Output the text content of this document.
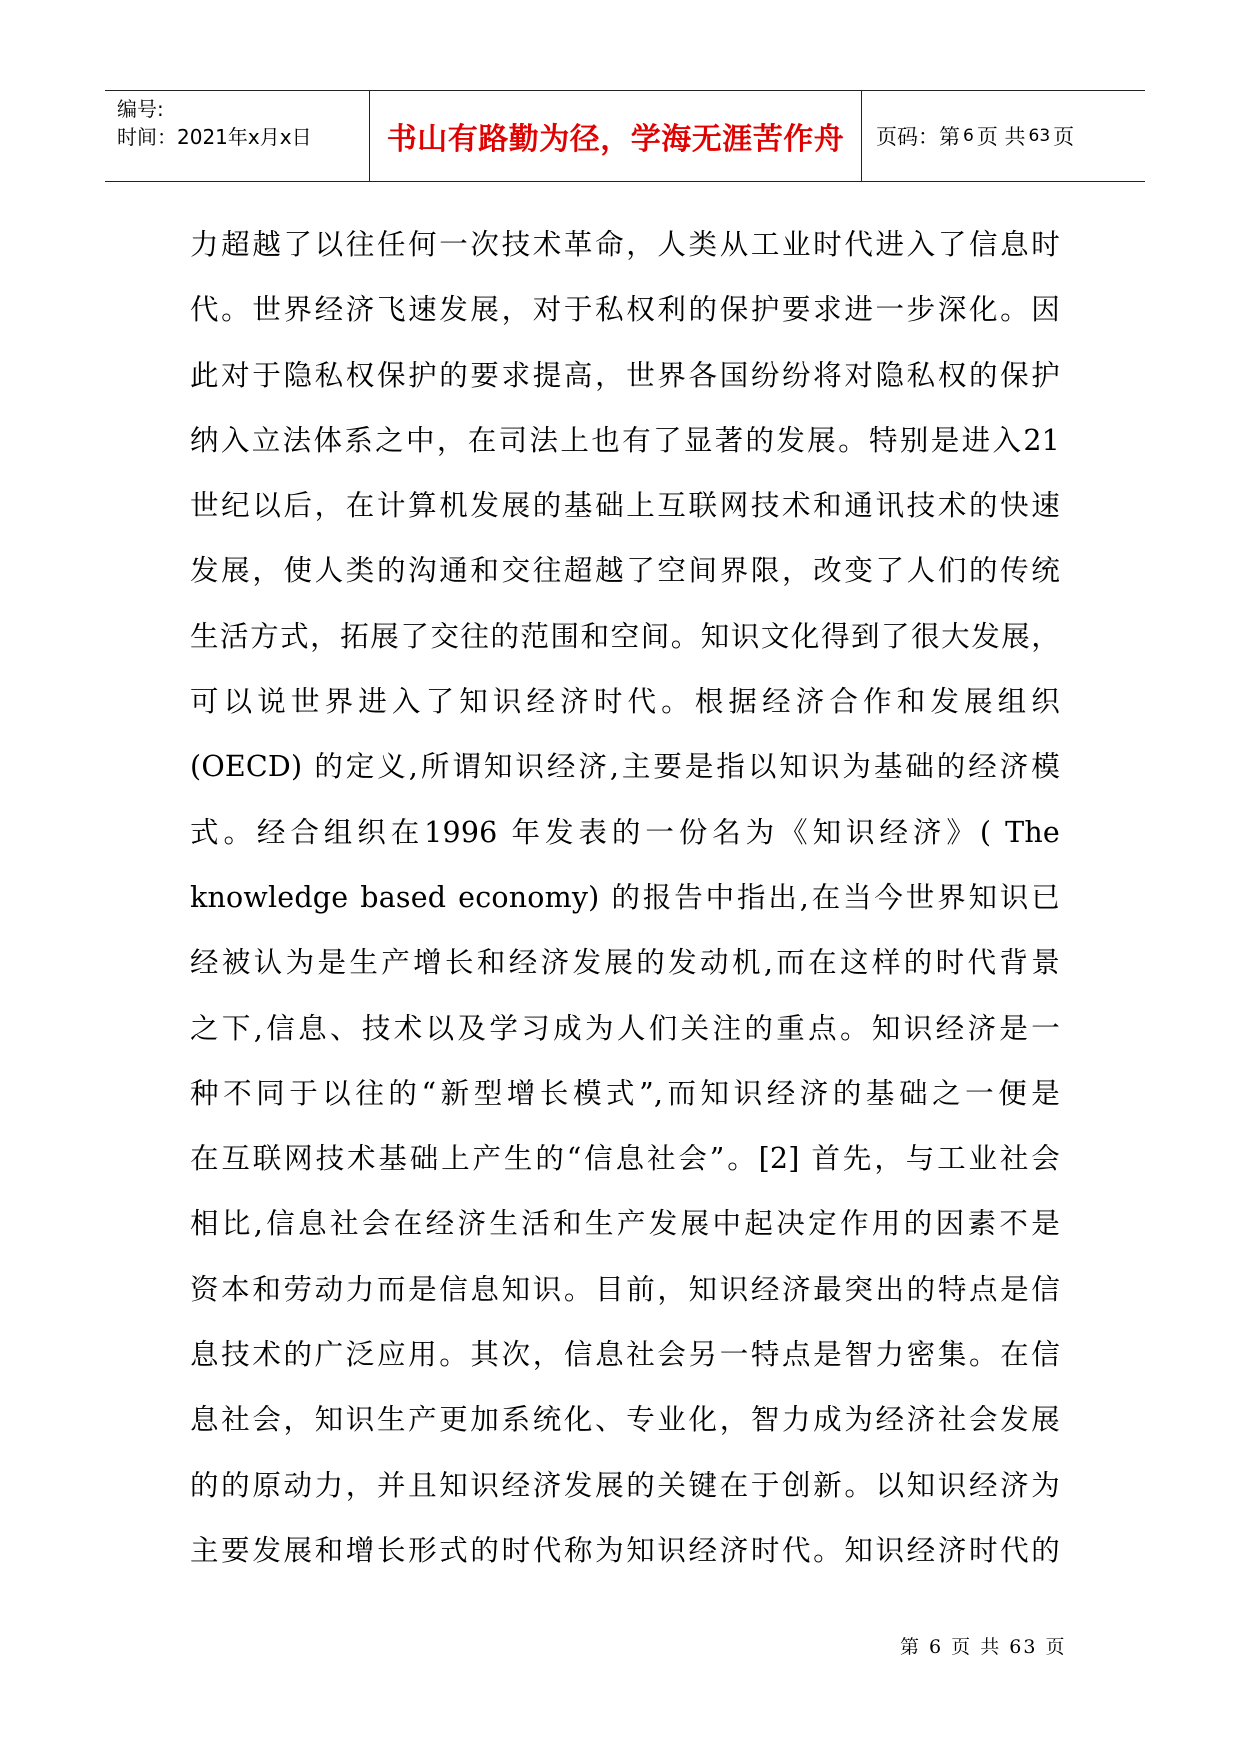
编号:
时间：2021年x月x日	书山有路勤为径，学海无涯苦作舟 页码：第 6 页 共 63 页
力超越了以往任何一次技术革命，人类从工业时代进入了信息时
代。世界经济飞速发展，对于私权利的保护要求进一步深化。因
此对于隐私权保护的要求提高，世界各国纷纷将对隐私权的保护
纳入立法体系之中，在司法上也有了显著的发展。特别是进入21
世纪以后，在计算机发展的基础上互联网技术和通讯技术的快速
发展，使人类的沟通和交往超越了空间界限，改变了人们的传统
生活方式，拓展了交往的范围和空间。知识文化得到了很大发展，
可以说世界进入了知识经济时代。根据经济合作和发展组织
(OECD) 的定义,所谓知识经济,主要是指以知识为基础的经济模
式。经合组织在1996 年发表的一份名为《知识经济》( The
knowledge based economy) 的报告中指出,在当今世界知识已
经被认为是生产增长和经济发展的发动机,而在这样的时代背景
之下,信息、技术以及学习成为人们关注的重点。知识经济是一
种不同于以往的“新型增长模式”,而知识经济的基础之一便是
在互联网技术基础上产生的“信息社会”。[2] 首先，与工业社会
相比,信息社会在经济生活和生产发展中起决定作用的因素不是
资本和劳动力而是信息知识。目前，知识经济最突出的特点是信
息技术的广泛应用。其次，信息社会另一特点是智力密集。在信
息社会，知识生产更加系统化、专业化，智力成为经济社会发展
的的原动力，并且知识经济发展的关键在于创新。以知识经济为
主要发展和增长形式的时代称为知识经济时代。知识经济时代的
第 6 页 共 63 页
